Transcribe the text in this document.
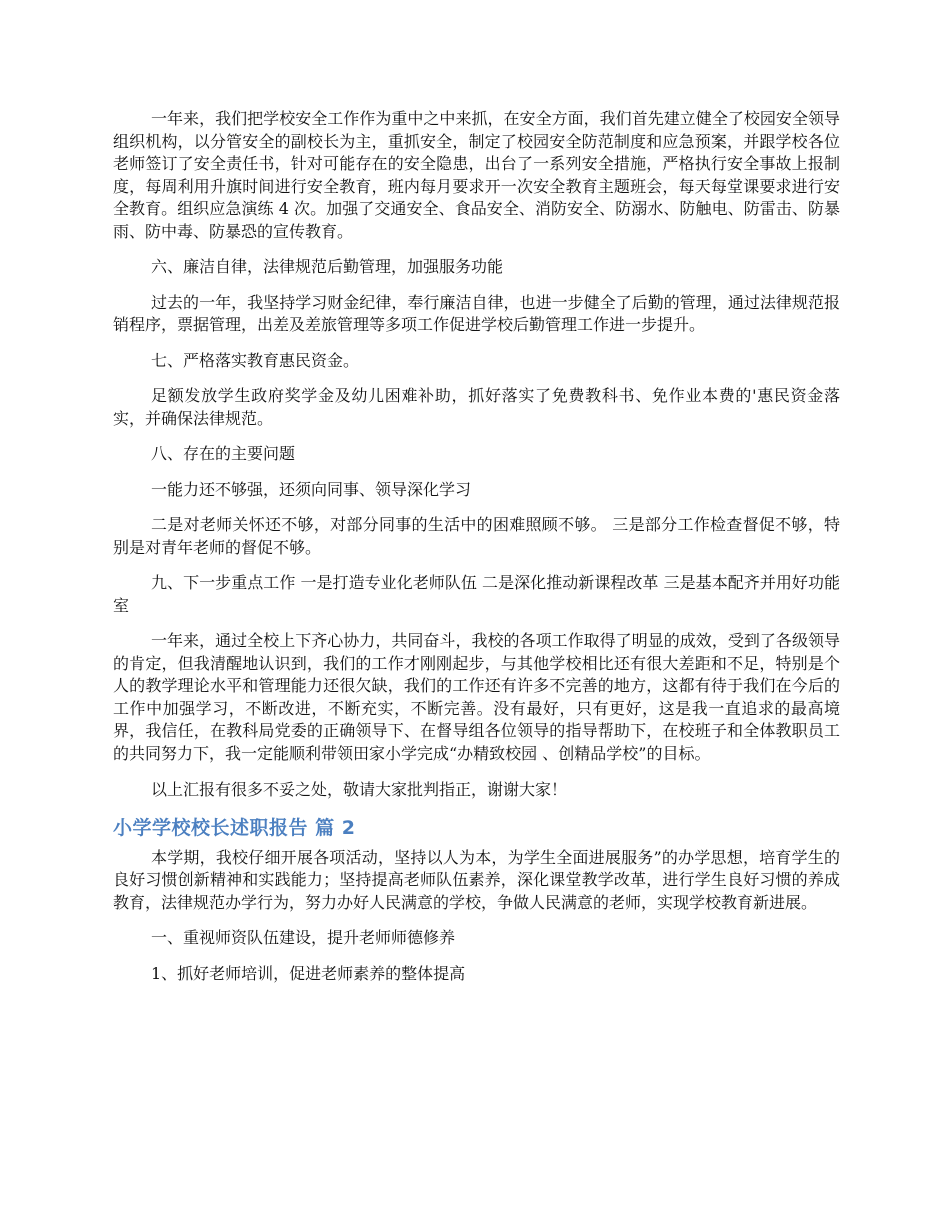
一年来，我们把学校安全工作作为重中之中来抓，在安全方面，我们首先建立健全了校园安全领导组织机构，以分管安全的副校长为主，重抓安全，制定了校园安全防范制度和应急预案，并跟学校各位老师签订了安全责任书，针对可能存在的安全隐患，出台了一系列安全措施，严格执行安全事故上报制度，每周利用升旗时间进行安全教育，班内每月要求开一次安全教育主题班会，每天每堂课要求进行安全教育。组织应急演练 4 次。加强了交通安全、食品安全、消防安全、防溺水、防触电、防雷击、防暴雨、防中毒、防暴恐的宣传教育。

六、廉洁自律，法律规范后勤管理，加强服务功能

过去的一年，我坚持学习财金纪律，奉行廉洁自律，也进一步健全了后勤的管理，通过法律规范报销程序，票据管理，出差及差旅管理等多项工作促进学校后勤管理工作进一步提升。

七、严格落实教育惠民资金。

足额发放学生政府奖学金及幼儿困难补助，抓好落实了免费教科书、免作业本费的'惠民资金落实，并确保法律规范。

八、存在的主要问题

一能力还不够强，还须向同事、领导深化学习

二是对老师关怀还不够，对部分同事的生活中的困难照顾不够。 三是部分工作检查督促不够，特别是对青年老师的督促不够。

九、下一步重点工作 一是打造专业化老师队伍 二是深化推动新课程改革 三是基本配齐并用好功能室

一年来，通过全校上下齐心协力，共同奋斗，我校的各项工作取得了明显的成效，受到了各级领导的肯定，但我清醒地认识到，我们的工作才刚刚起步，与其他学校相比还有很大差距和不足，特别是个人的教学理论水平和管理能力还很欠缺，我们的工作还有许多不完善的地方，这都有待于我们在今后的工作中加强学习，不断改进，不断充实，不断完善。没有最好，只有更好，这是我一直追求的最高境界，我信任，在教科局党委的正确领导下、在督导组各位领导的指导帮助下，在校班子和全体教职员工的共同努力下，我一定能顺利带领田家小学完成“办精致校园 、创精品学校”的目标。

以上汇报有很多不妥之处，敬请大家批判指正，谢谢大家！

小学学校校长述职报告 篇 2

本学期，我校仔细开展各项活动，坚持以人为本，为学生全面进展服务”的办学思想，培育学生的良好习惯创新精神和实践能力；坚持提高老师队伍素养，深化课堂教学改革，进行学生良好习惯的养成教育，法律规范办学行为，努力办好人民满意的学校，争做人民满意的老师，实现学校教育新进展。

一、重视师资队伍建设，提升老师师德修养

1、抓好老师培训，促进老师素养的整体提高
